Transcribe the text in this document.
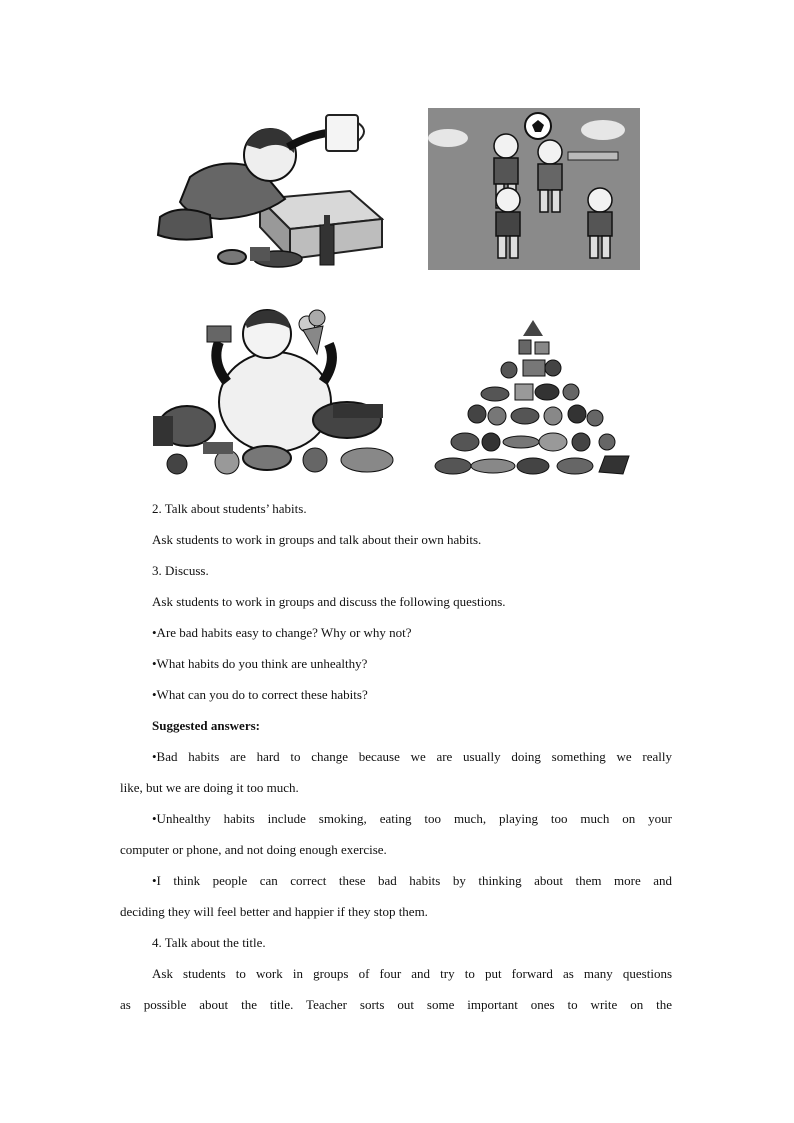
2. Talk about students’ habits.
Ask students to work in groups and talk about their own habits.
3. Discuss.
Ask students to work in groups and discuss the following questions.
•Are bad habits easy to change? Why or why not?
•What habits do you think are unhealthy?
•What can you do to correct these habits?
Suggested answers:
•Bad habits are hard to change because we are usually doing something we really
like, but we are doing it too much.
•Unhealthy habits include smoking, eating too much, playing too much on your
computer or phone, and not doing enough exercise.
•I think people can correct these bad habits by thinking about them more and
deciding they will feel better and happier if they stop them.
4. Talk about the title.
Ask students to work in groups of four and try to put forward as many questions
as possible about the title. Teacher sorts out some important ones to write on the
